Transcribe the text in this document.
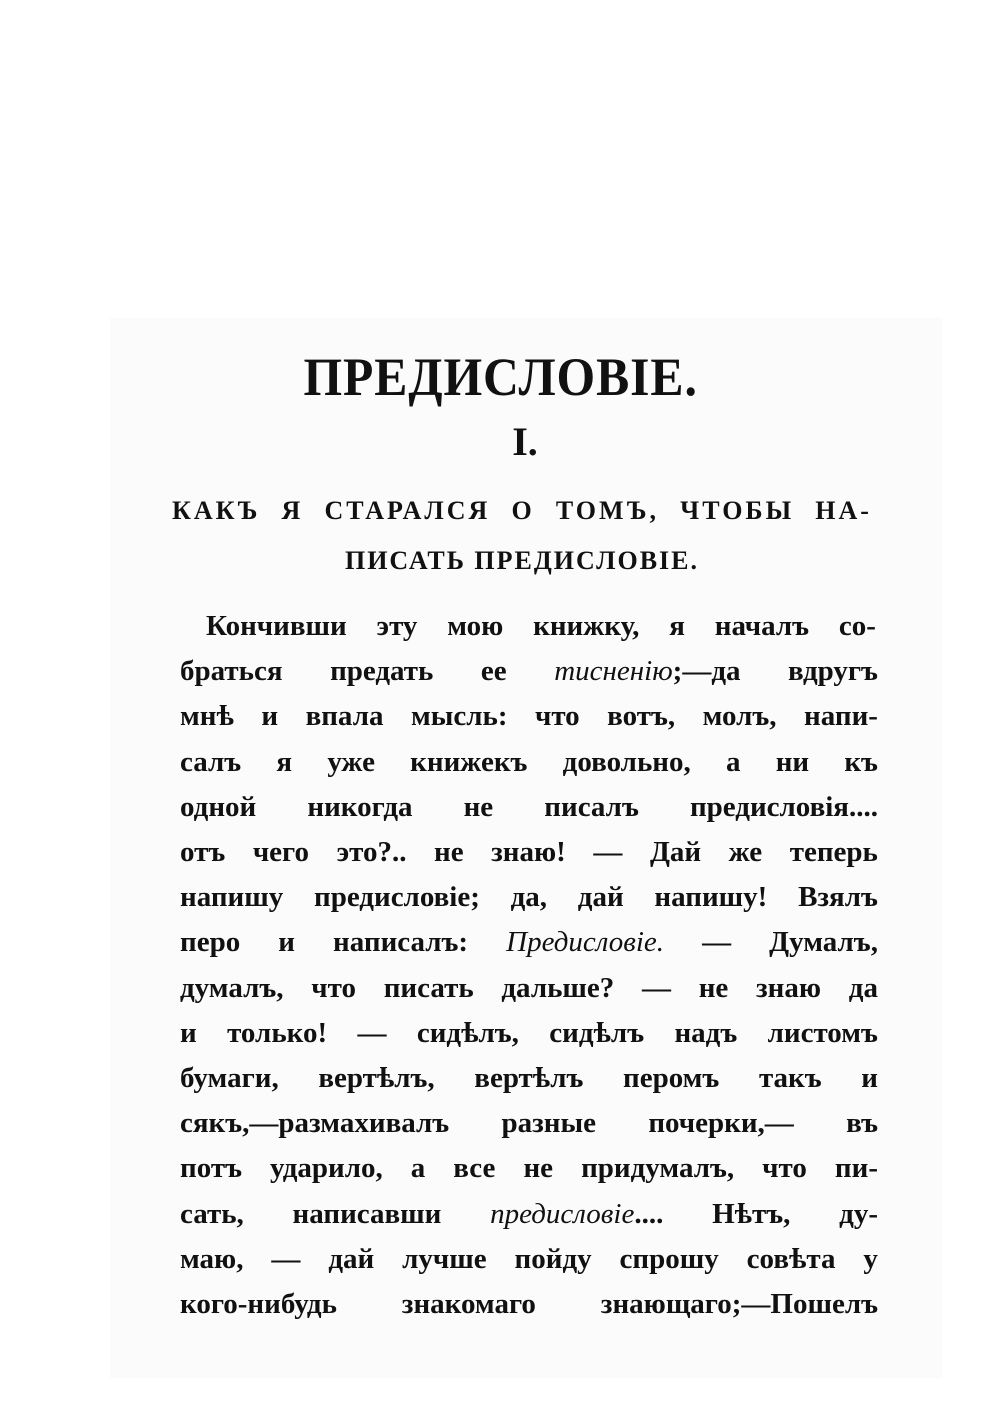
ПРЕДИСЛОВІЕ.
I.
КАКЪ Я СТАРАЛСЯ О ТОМЪ, ЧТОБЫ НА-
ПИСАТЬ ПРЕДИСЛОВІЕ.
Кончивши эту мою книжку, я началъ со-
браться предать ее тисненію;—да вдругъ
мнѣ и впала мысль: что вотъ, молъ, напи-
салъ я уже книжекъ довольно, а ни къ
одной никогда не писалъ предисловія....
отъ чего это?.. не знаю! — Дай же теперь
напишу предисловіе; да, дай напишу! Взялъ
перо и написалъ: Предисловіе. — Думалъ,
думалъ, что писать дальше? — не знаю да
и только! — сидѣлъ, сидѣлъ надъ листомъ
бумаги, вертѣлъ, вертѣлъ перомъ такъ и
сякъ,—размахивалъ разные почерки,— въ
потъ ударило, а все не придумалъ, что пи-
сать, написавши предисловіе.... Нѣтъ, ду-
маю, — дай лучше пойду спрошу совѣта у
кого-нибудь знакомаго знающаго;—Пошелъ
